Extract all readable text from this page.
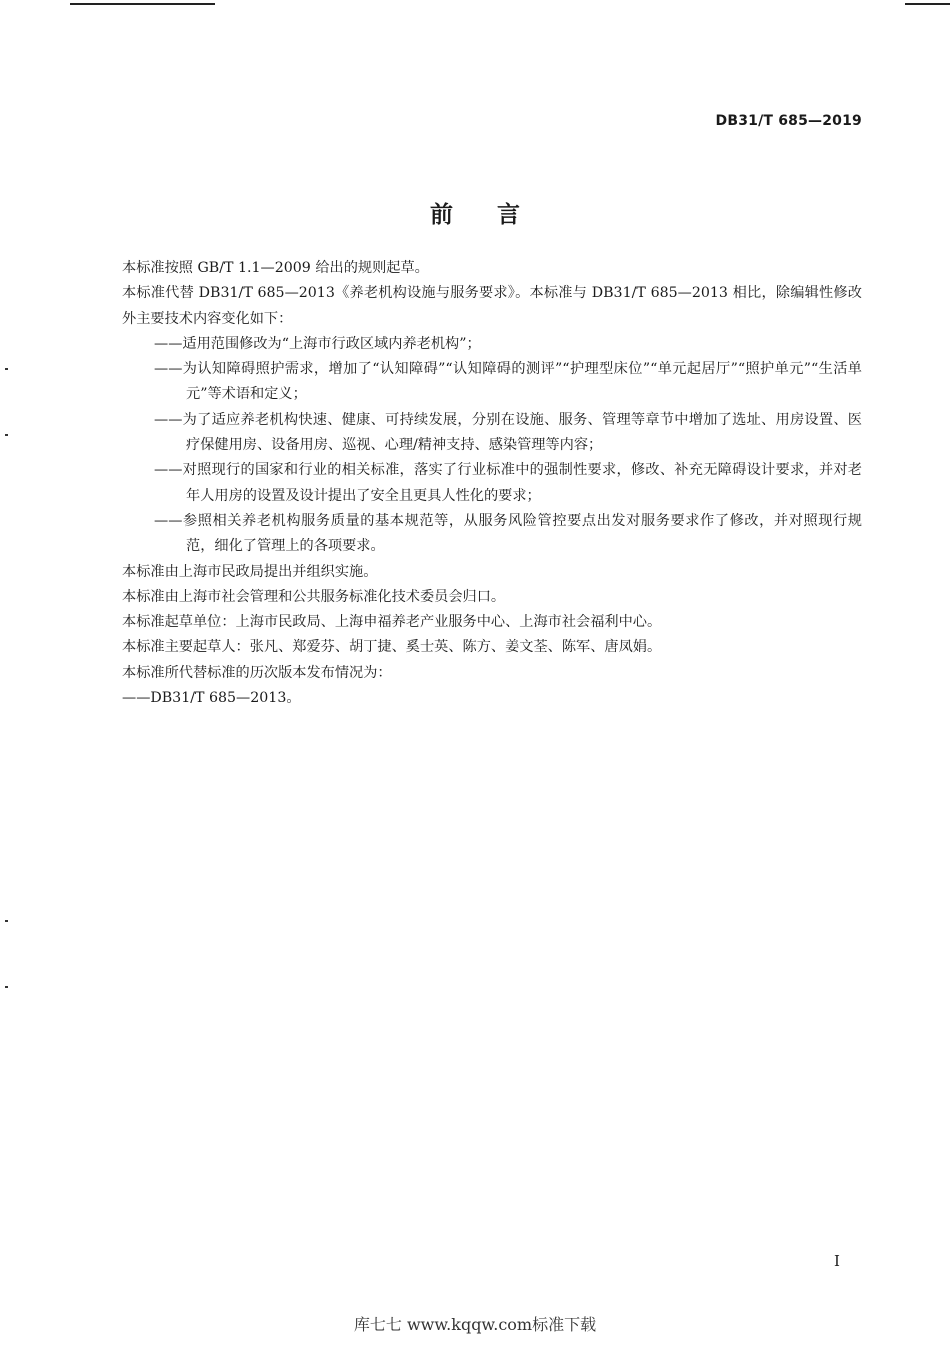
DB31/T 685—2019
前言

本标准按照 GB/T 1.1—2009 给出的规则起草。

本标准代替 DB31/T 685—2013《养老机构设施与服务要求》。本标准与 DB31/T 685—2013 相比，除编辑性修改外主要技术内容变化如下：

——适用范围修改为“上海市行政区域内养老机构”；

——为认知障碍照护需求，增加了“认知障碍”“认知障碍的测评”“护理型床位”“单元起居厅”“照护单元”“生活单元”等术语和定义；

——为了适应养老机构快速、健康、可持续发展，分别在设施、服务、管理等章节中增加了选址、用房设置、医疗保健用房、设备用房、巡视、心理/精神支持、感染管理等内容；

——对照现行的国家和行业的相关标准，落实了行业标准中的强制性要求，修改、补充无障碍设计要求，并对老年人用房的设置及设计提出了安全且更具人性化的要求；

——参照相关养老机构服务质量的基本规范等，从服务风险管控要点出发对服务要求作了修改，并对照现行规范，细化了管理上的各项要求。

本标准由上海市民政局提出并组织实施。

本标准由上海市社会管理和公共服务标准化技术委员会归口。

本标准起草单位：上海市民政局、上海申福养老产业服务中心、上海市社会福利中心。

本标准主要起草人：张凡、郑爱芬、胡丁捷、奚士英、陈方、姜文荃、陈军、唐凤娟。

本标准所代替标准的历次版本发布情况为：

——DB31/T 685—2013。

I
库七七 www.kqqw.com标准下载
